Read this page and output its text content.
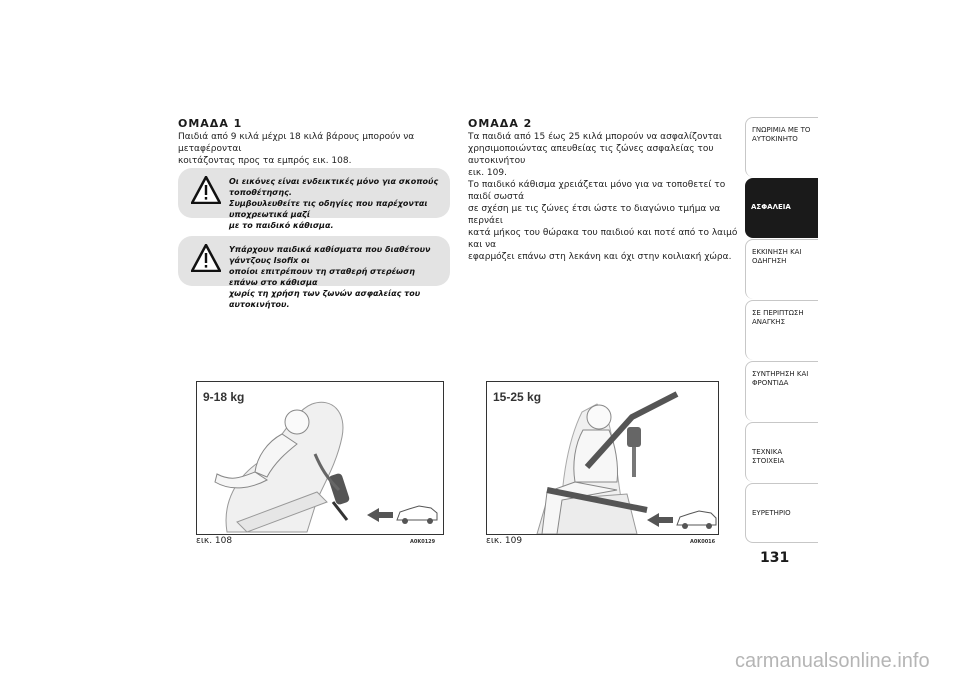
ΟΜΑΔΑ 1
Παιδιά από 9 κιλά μέχρι 18 κιλά βάρους μπορούν να μεταφέρονται
κοιτάζοντας προς τα εμπρός εικ. 108.
Οι εικόνες είναι ενδεικτικές μόνο για σκοπούς τοποθέτησης.
Συμβουλευθείτε τις οδηγίες που παρέχονται υποχρεωτικά μαζί
με το παιδικό κάθισμα.
Υπάρχουν παιδικά καθίσματα που διαθέτουν γάντζους Isofix οι
οποίοι επιτρέπουν τη σταθερή στερέωση επάνω στο κάθισμα
χωρίς τη χρήση των ζωνών ασφαλείας του αυτοκινήτου.
9-18 kg
εικ. 108	A0K0129
ΟΜΑΔΑ 2
Τα παιδιά από 15 έως 25 κιλά μπορούν να ασφαλίζονται
χρησιμοποιώντας απευθείας τις ζώνες ασφαλείας του αυτοκινήτου
εικ. 109.
Το παιδικό κάθισμα χρειάζεται μόνο για να τοποθετεί το παιδί σωστά
σε σχέση με τις ζώνες έτσι ώστε το διαγώνιο τμήμα να περνάει
κατά μήκος του θώρακα του παιδιού και ποτέ από το λαιμό και να
εφαρμόζει επάνω στη λεκάνη και όχι στην κοιλιακή χώρα.
15-25 kg
εικ. 109	A0K0016
ΓΝΩΡΙΜΙΑ ΜΕ ΤΟ
ΑΥΤΟΚΙΝΗΤΟ
ΑΣΦΑΛΕΙΑ
ΕΚΚΙΝΗΣΗ ΚΑΙ
ΟΔΗΓΗΣΗ
ΣΕ ΠΕΡΙΠΤΩΣΗ
ΑΝΑΓΚΗΣ
ΣΥΝΤΗΡΗΣΗ ΚΑΙ
ΦΡΟΝΤΙΔΑ
ΤΕΧΝΙΚΑ ΣΤΟΙΧΕΙΑ
ΕΥΡΕΤΗΡΙΟ
131
carmanualsonline.info
